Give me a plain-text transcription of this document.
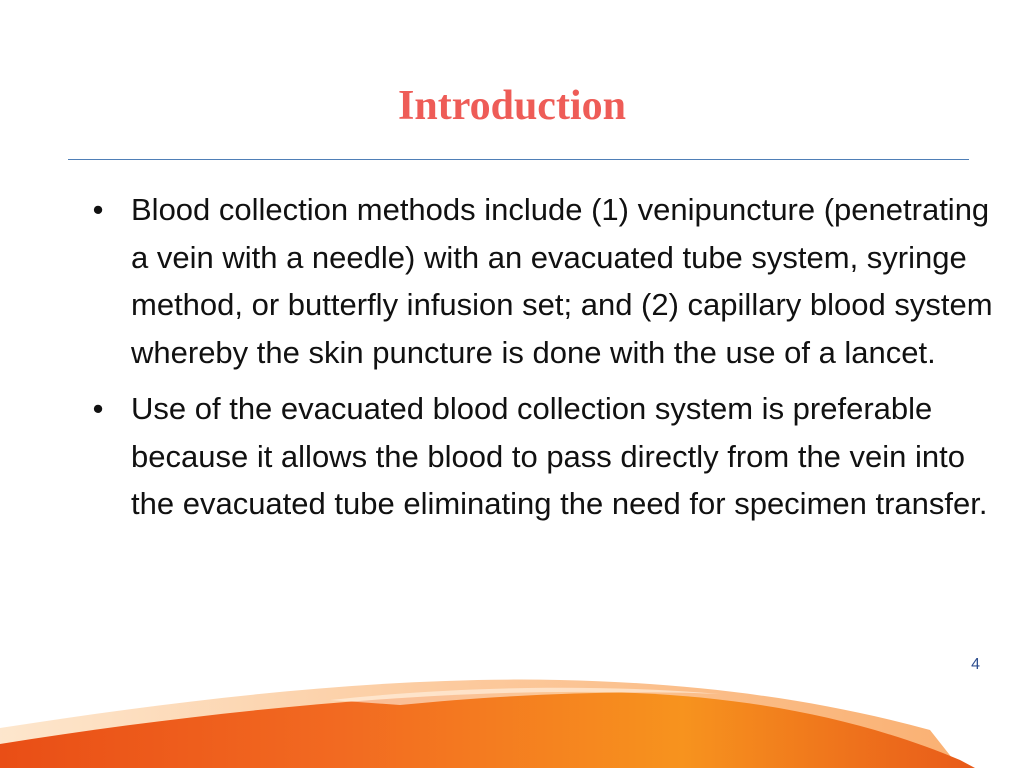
Introduction
• Blood collection methods include (1) venipuncture (penetrating a vein with a needle) with an evacuated tube system, syringe method, or butterfly infusion set; and (2) capillary blood system whereby the skin puncture is done with the use of a lancet.
• Use of the evacuated blood collection system is preferable because it allows the blood to pass directly from the vein into the evacuated tube eliminating the need for specimen transfer.
4
